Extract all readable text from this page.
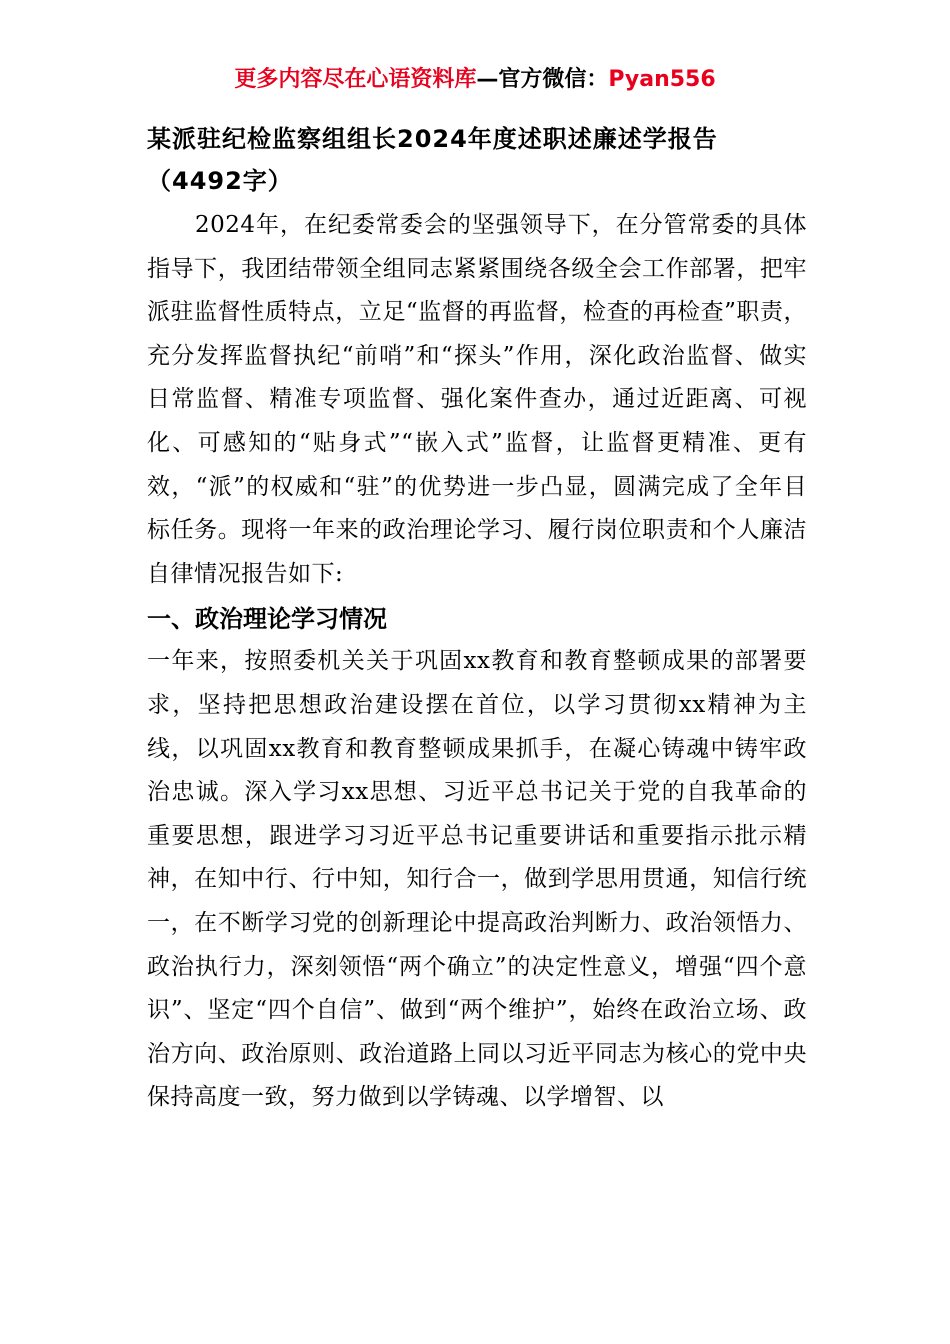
更多内容尽在心语资料库—官方微信：Pyan556
某派驻纪检监察组组长2024年度述职述廉述学报告（4492字）

2024年，在纪委常委会的坚强领导下，在分管常委的具体指导下，我团结带领全组同志紧紧围绕各级全会工作部署，把牢派驻监督性质特点，立足“监督的再监督，检查的再检查”职责，充分发挥监督执纪“前哨”和“探头”作用，深化政治监督、做实日常监督、精准专项监督、强化案件查办，通过近距离、可视化、可感知的“贴身式”“嵌入式”监督，让监督更精准、更有效，“派”的权威和“驻”的优势进一步凸显，圆满完成了全年目标任务。现将一年来的政治理论学习、履行岗位职责和个人廉洁自律情况报告如下:

一、政治理论学习情况

一年来，按照委机关关于巩固xx教育和教育整顿成果的部署要求，坚持把思想政治建设摆在首位，以学习贯彻xx精神为主线，以巩固xx教育和教育整顿成果抓手，在凝心铸魂中铸牢政治忠诚。深入学习xx思想、习近平总书记关于党的自我革命的重要思想，跟进学习习近平总书记重要讲话和重要指示批示精神，在知中行、行中知，知行合一，做到学思用贯通，知信行统一，在不断学习党的创新理论中提高政治判断力、政治领悟力、政治执行力，深刻领悟“两个确立”的决定性意义，增强“四个意识”、坚定“四个自信”、做到“两个维护”，始终在政治立场、政治方向、政治原则、政治道路上同以习近平同志为核心的党中央保持高度一致，努力做到以学铸魂、以学增智、以
